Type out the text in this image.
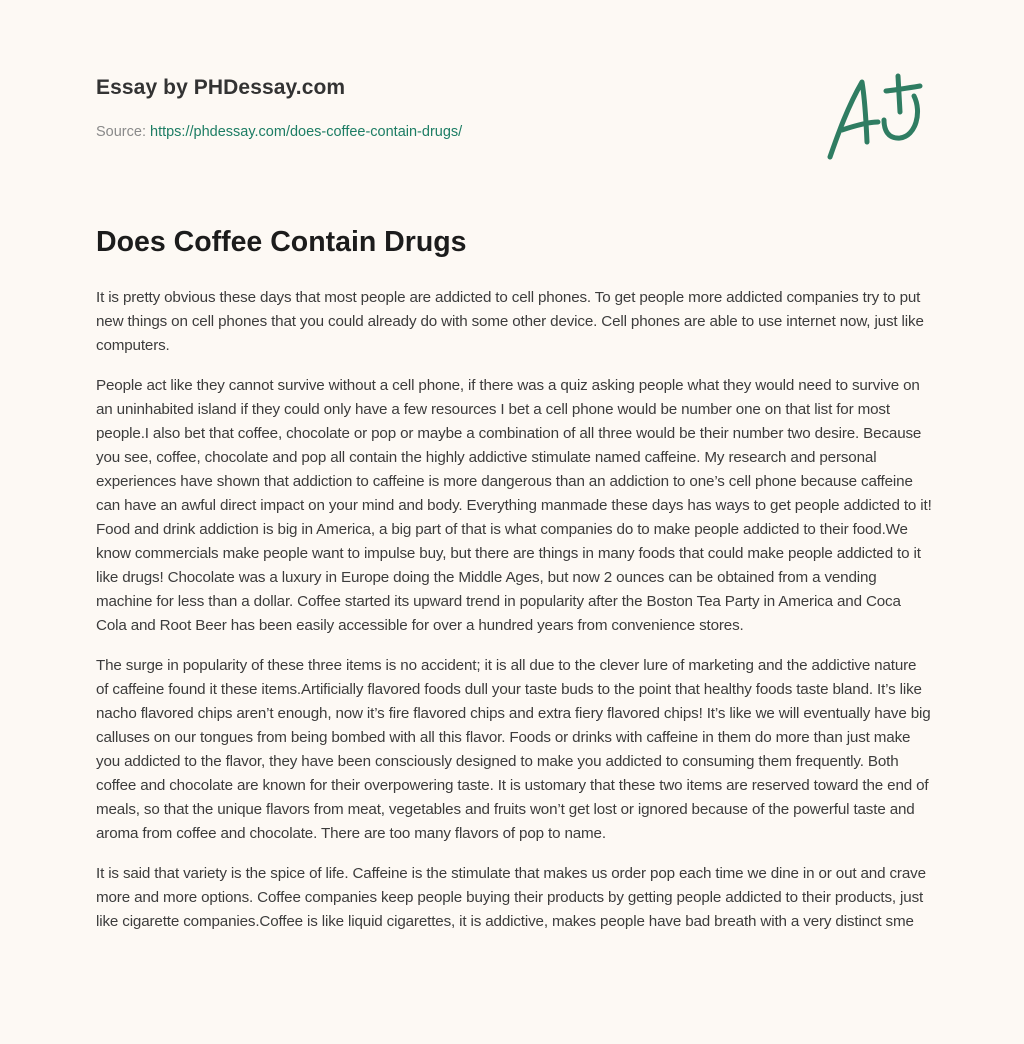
Essay by PHDessay.com
Source: https://phdessay.com/does-coffee-contain-drugs/
Does Coffee Contain Drugs

It is pretty obvious these days that most people are addicted to cell phones. To get people more addicted companies try to put new things on cell phones that you could already do with some other device. Cell phones are able to use internet now, just like computers.

People act like they cannot survive without a cell phone, if there was a quiz asking people what they would need to survive on an uninhabited island if they could only have a few resources I bet a cell phone would be number one on that list for most people.I also bet that coffee, chocolate or pop or maybe a combination of all three would be their number two desire. Because you see, coffee, chocolate and pop all contain the highly addictive stimulate named caffeine. My research and personal experiences have shown that addiction to caffeine is more dangerous than an addiction to one’s cell phone because caffeine can have an awful direct impact on your mind and body. Everything manmade these days has ways to get people addicted to it! Food and drink addiction is big in America, a big part of that is what companies do to make people addicted to their food.We know commercials make people want to impulse buy, but there are things in many foods that could make people addicted to it like drugs! Chocolate was a luxury in Europe doing the Middle Ages, but now 2 ounces can be obtained from a vending machine for less than a dollar. Coffee started its upward trend in popularity after the Boston Tea Party in America and Coca Cola and Root Beer has been easily accessible for over a hundred years from convenience stores.

The surge in popularity of these three items is no accident; it is all due to the clever lure of marketing and the addictive nature of caffeine found it these items.Artificially flavored foods dull your taste buds to the point that healthy foods taste bland. It’s like nacho flavored chips aren’t enough, now it’s fire flavored chips and extra fiery flavored chips! It’s like we will eventually have big calluses on our tongues from being bombed with all this flavor. Foods or drinks with caffeine in them do more than just make you addicted to the flavor, they have been consciously designed to make you addicted to consuming them frequently. Both coffee and chocolate are known for their overpowering taste. It is ustomary that these two items are reserved toward the end of meals, so that the unique flavors from meat, vegetables and fruits won’t get lost or ignored because of the powerful taste and aroma from coffee and chocolate. There are too many flavors of pop to name.

It is said that variety is the spice of life. Caffeine is the stimulate that makes us order pop each time we dine in or out and crave more and more options. Coffee companies keep people buying their products by getting people addicted to their products, just like cigarette companies.Coffee is like liquid cigarettes, it is addictive, makes people have bad breath with a very distinct sme
